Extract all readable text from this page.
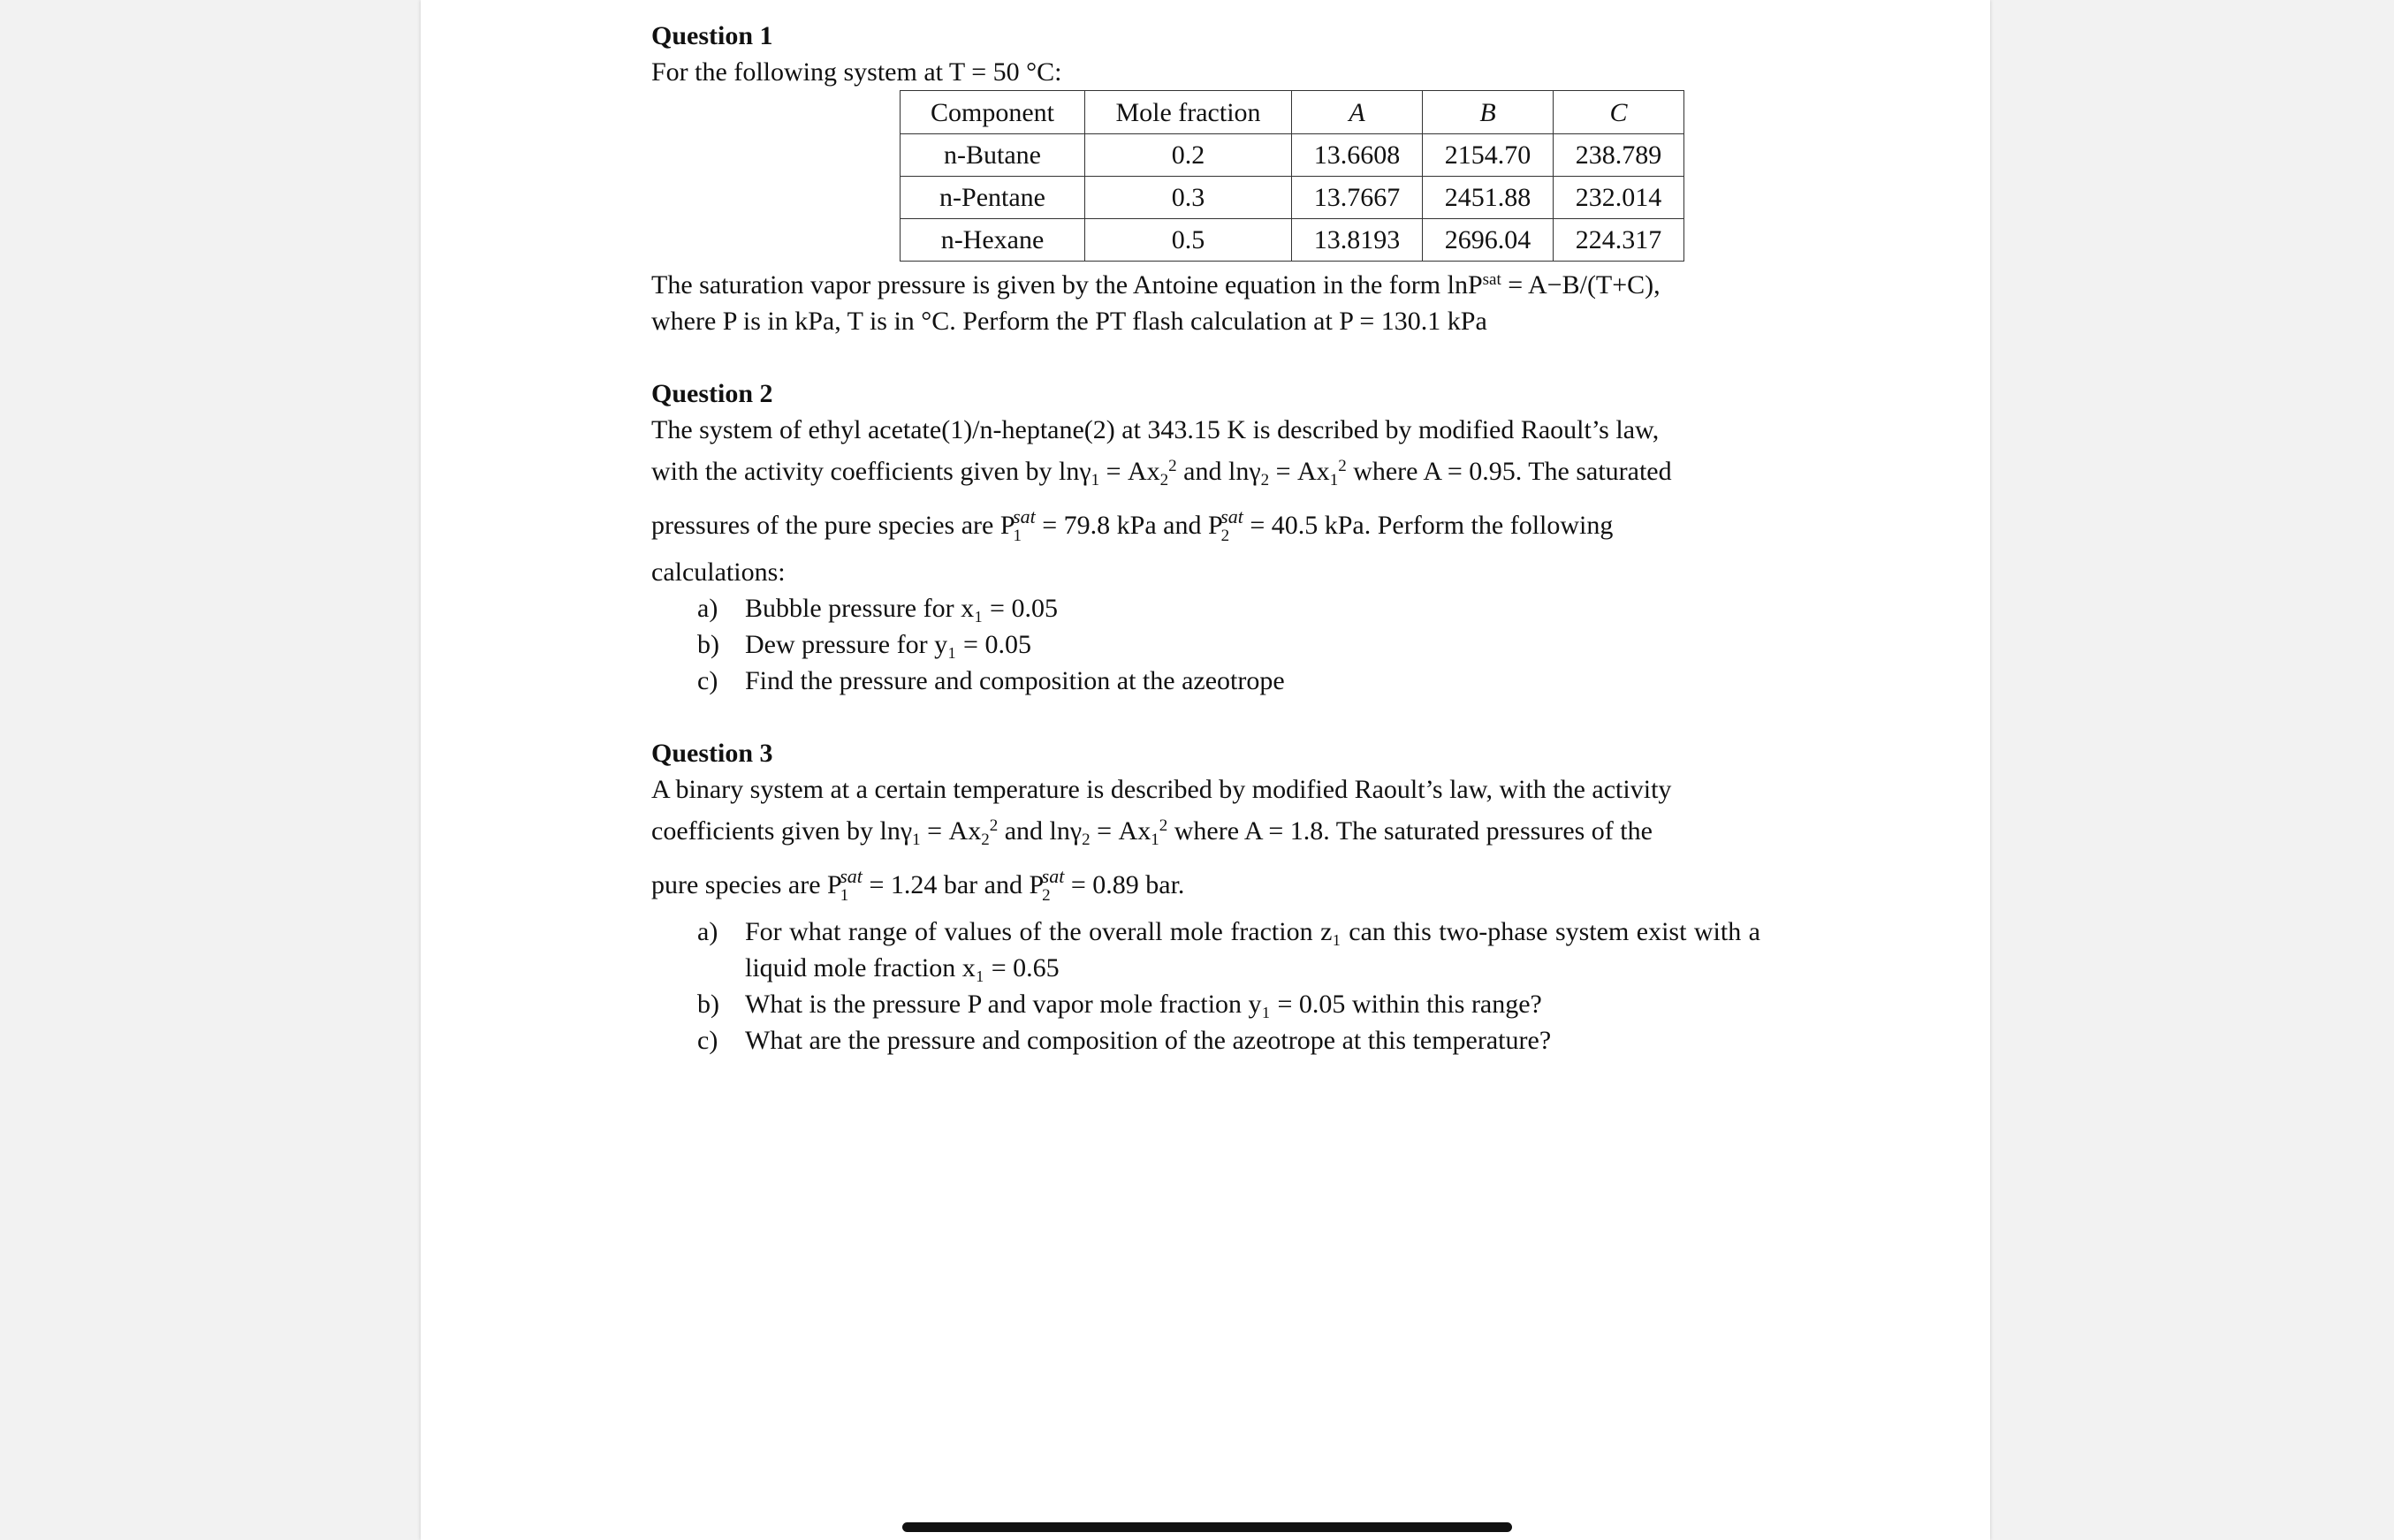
Question 1

For the following system at T = 50 °C:

Component	Mole fraction	A	B	C
n-Butane	0.2	13.6608	2154.70	238.789
n-Pentane	0.3	13.7667	2451.88	232.014
n-Hexane	0.5	13.8193	2696.04	224.317

The saturation vapor pressure is given by the Antoine equation in the form lnP$^{sat}$ = A−B/(T+C),

where P is in kPa, T is in °C. Perform the PT flash calculation at P = 130.1 kPa

Question 2

The system of ethyl acetate(1)/n-heptane(2) at 343.15 K is described by modified Raoult’s law,

with the activity coefficients given by $\ln\gamma_1 = Ax_2^2$ and $\ln\gamma_2 = Ax_1^2$ where A = 0.95. The saturated

pressures of the pure species are $P_1^{sat} = 79.8$ kPa and $P_2^{sat} = 40.5$ kPa. Perform the following

calculations:

a) Bubble pressure for x₁ = 0.05
b) Dew pressure for y₁ = 0.05
c) Find the pressure and composition at the azeotrope

Question 3

A binary system at a certain temperature is described by modified Raoult’s law, with the activity

coefficients given by $\ln\gamma_1 = Ax_2^2$ and $\ln\gamma_2 = Ax_1^2$ where A = 1.8. The saturated pressures of the

pure species are $P_1^{sat} = 1.24$ bar and $P_2^{sat} = 0.89$ bar.

a) For what range of values of the overall mole fraction z₁ can this two-phase system exist with a liquid mole fraction x₁ = 0.65
b) What is the pressure P and vapor mole fraction y₁ = 0.05 within this range?
c) What are the pressure and composition of the azeotrope at this temperature?
